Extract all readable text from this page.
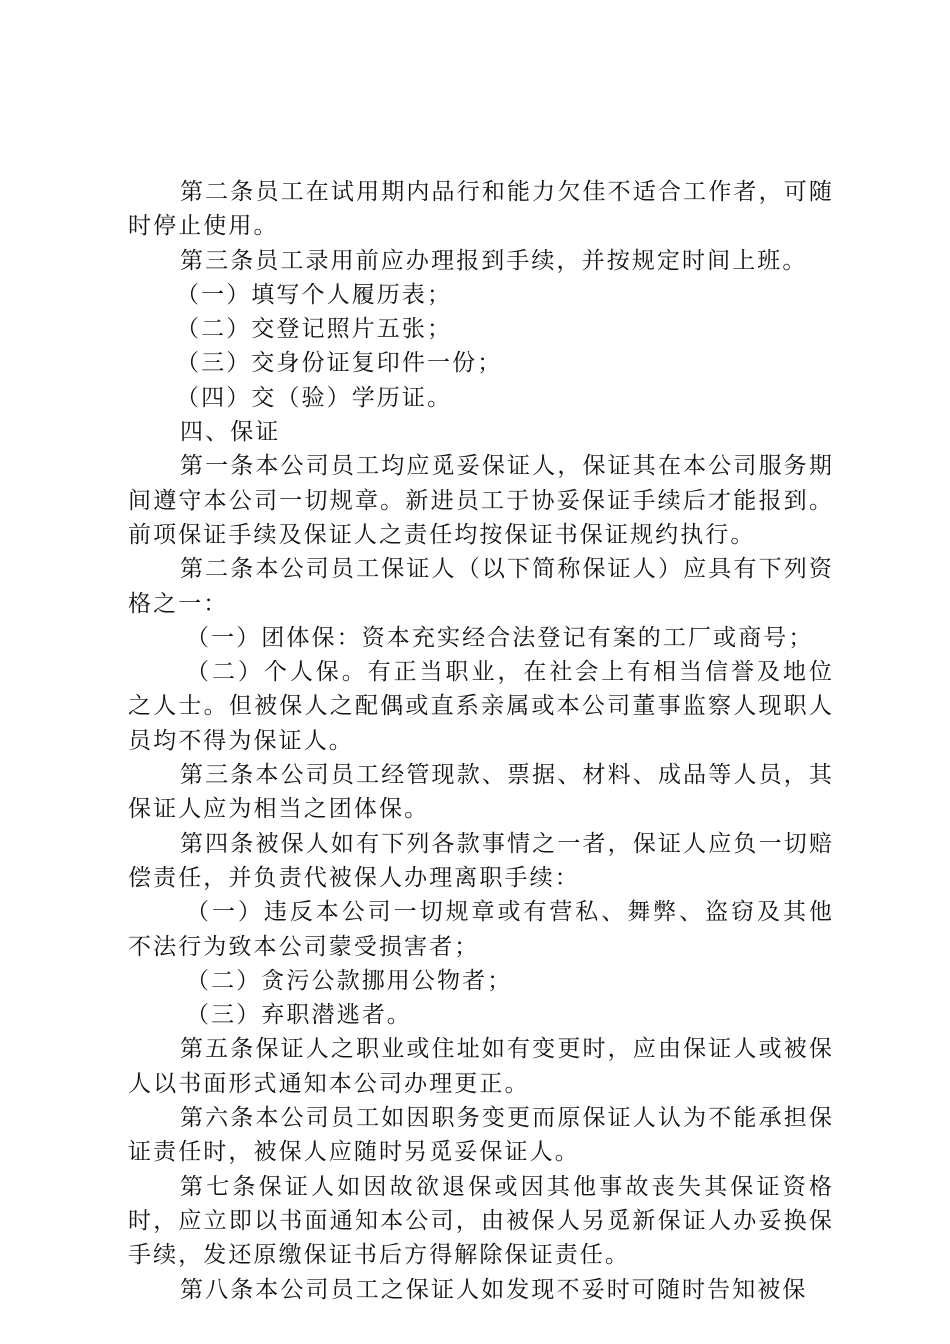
第二条员工在试用期内品行和能力欠佳不适合工作者，可随时停止使用。

第三条员工录用前应办理报到手续，并按规定时间上班。

（一）填写个人履历表；

（二）交登记照片五张；

（三）交身份证复印件一份；

（四）交（验）学历证。

四、保证

第一条本公司员工均应觅妥保证人，保证其在本公司服务期间遵守本公司一切规章。新进员工于协妥保证手续后才能报到。前项保证手续及保证人之责任均按保证书保证规约执行。

第二条本公司员工保证人（以下简称保证人）应具有下列资格之一：

（一）团体保：资本充实经合法登记有案的工厂或商号；

（二）个人保。有正当职业，在社会上有相当信誉及地位之人士。但被保人之配偶或直系亲属或本公司董事监察人现职人员均不得为保证人。

第三条本公司员工经管现款、票据、材料、成品等人员，其保证人应为相当之团体保。

第四条被保人如有下列各款事情之一者，保证人应负一切赔偿责任，并负责代被保人办理离职手续：

（一）违反本公司一切规章或有营私、舞弊、盗窃及其他不法行为致本公司蒙受损害者；

（二）贪污公款挪用公物者；

（三）弃职潜逃者。

第五条保证人之职业或住址如有变更时，应由保证人或被保人以书面形式通知本公司办理更正。

第六条本公司员工如因职务变更而原保证人认为不能承担保证责任时，被保人应随时另觅妥保证人。

第七条保证人如因故欲退保或因其他事故丧失其保证资格时，应立即以书面通知本公司，由被保人另觅新保证人办妥换保手续，发还原缴保证书后方得解除保证责任。

第八条本公司员工之保证人如发现不妥时可随时告知被保
